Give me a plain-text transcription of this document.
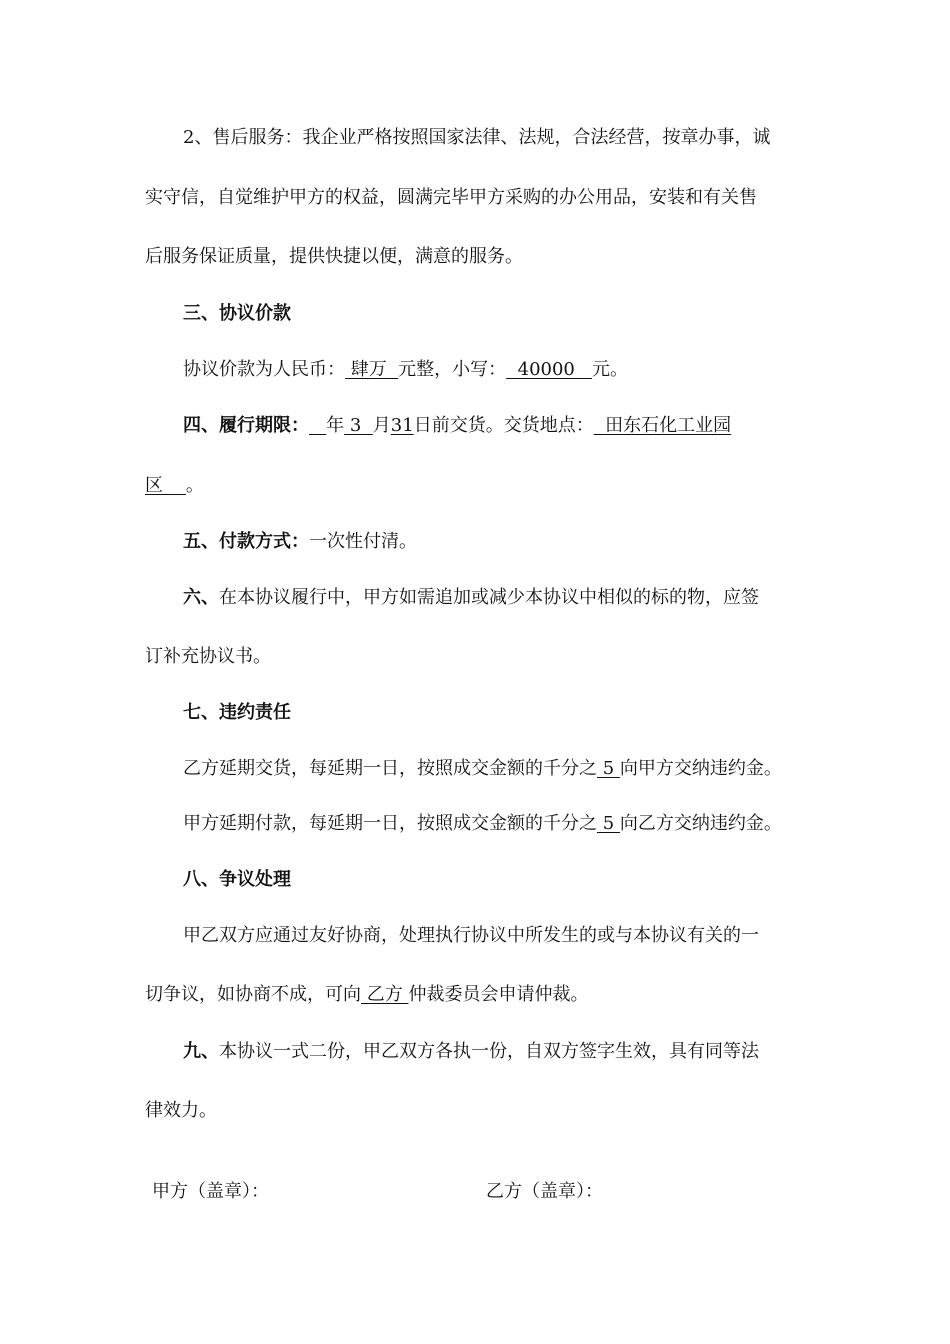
2、售后服务：我企业严格按照国家法律、法规，合法经营，按章办事，诚
实守信，自觉维护甲方的权益，圆满完毕甲方采购的办公用品，安装和有关售
后服务保证质量，提供快捷以便，满意的服务。
三、协议价款
协议价款为人民币： 肆万  元整，小写：  40000   元。
四、履行期限： 年 3  月31日前交货。交货地点：  田东石化工业园
区    。
五、付款方式：一次性付清。
六、在本协议履行中，甲方如需追加或减少本协议中相似的标的物，应签
订补充协议书。
七、违约责任
乙方延期交货，每延期一日，按照成交金额的千分之 5 向甲方交纳违约金。
甲方延期付款，每延期一日，按照成交金额的千分之 5 向乙方交纳违约金。
八、争议处理
甲乙双方应通过友好协商，处理执行协议中所发生的或与本协议有关的一
切争议，如协商不成，可向 乙方 仲裁委员会申请仲裁。
九、本协议一式二份，甲乙双方各执一份，自双方签字生效，具有同等法
律效力。
甲方（盖章）：	乙方（盖章）：
